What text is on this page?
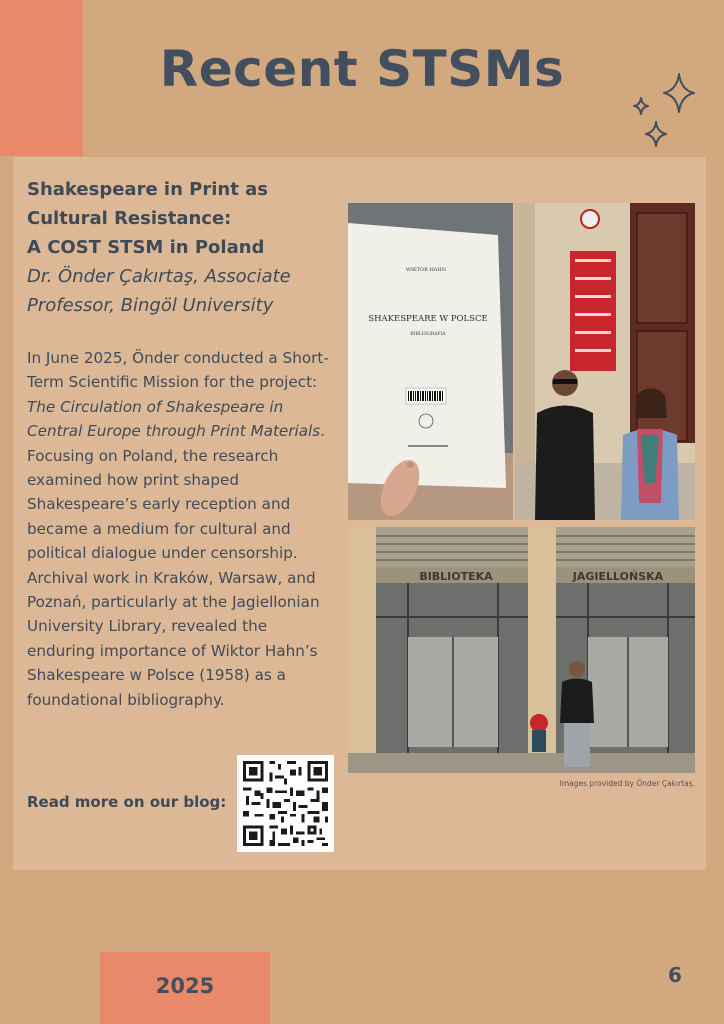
Recent STSMs
Shakespeare in Print as
Cultural Resistance:
A COST STSM in Poland
Dr. Önder Çakırtaş, Associate
Professor, Bingöl University

In June 2025, Önder conducted a Short-Term Scientific Mission for the project: The Circulation of Shakespeare in Central Europe through Print Materials. Focusing on Poland, the research examined how print shaped Shakespeare’s early reception and became a medium for cultural and political dialogue under censorship. Archival work in Kraków, Warsaw, and Poznań, particularly at the Jagiellonian University Library, revealed the enduring importance of Wiktor Hahn’s Shakespeare w Polsce (1958) as a foundational bibliography.

Read more on our blog:
WIKTOR HAHN
SHAKESPEARE W POLSCE
BIBLIOGRAFIA
BIBLIOTEKA	JAGIELLOŃSKA
Images provided by Önder Çakırtaş.
2025	6
